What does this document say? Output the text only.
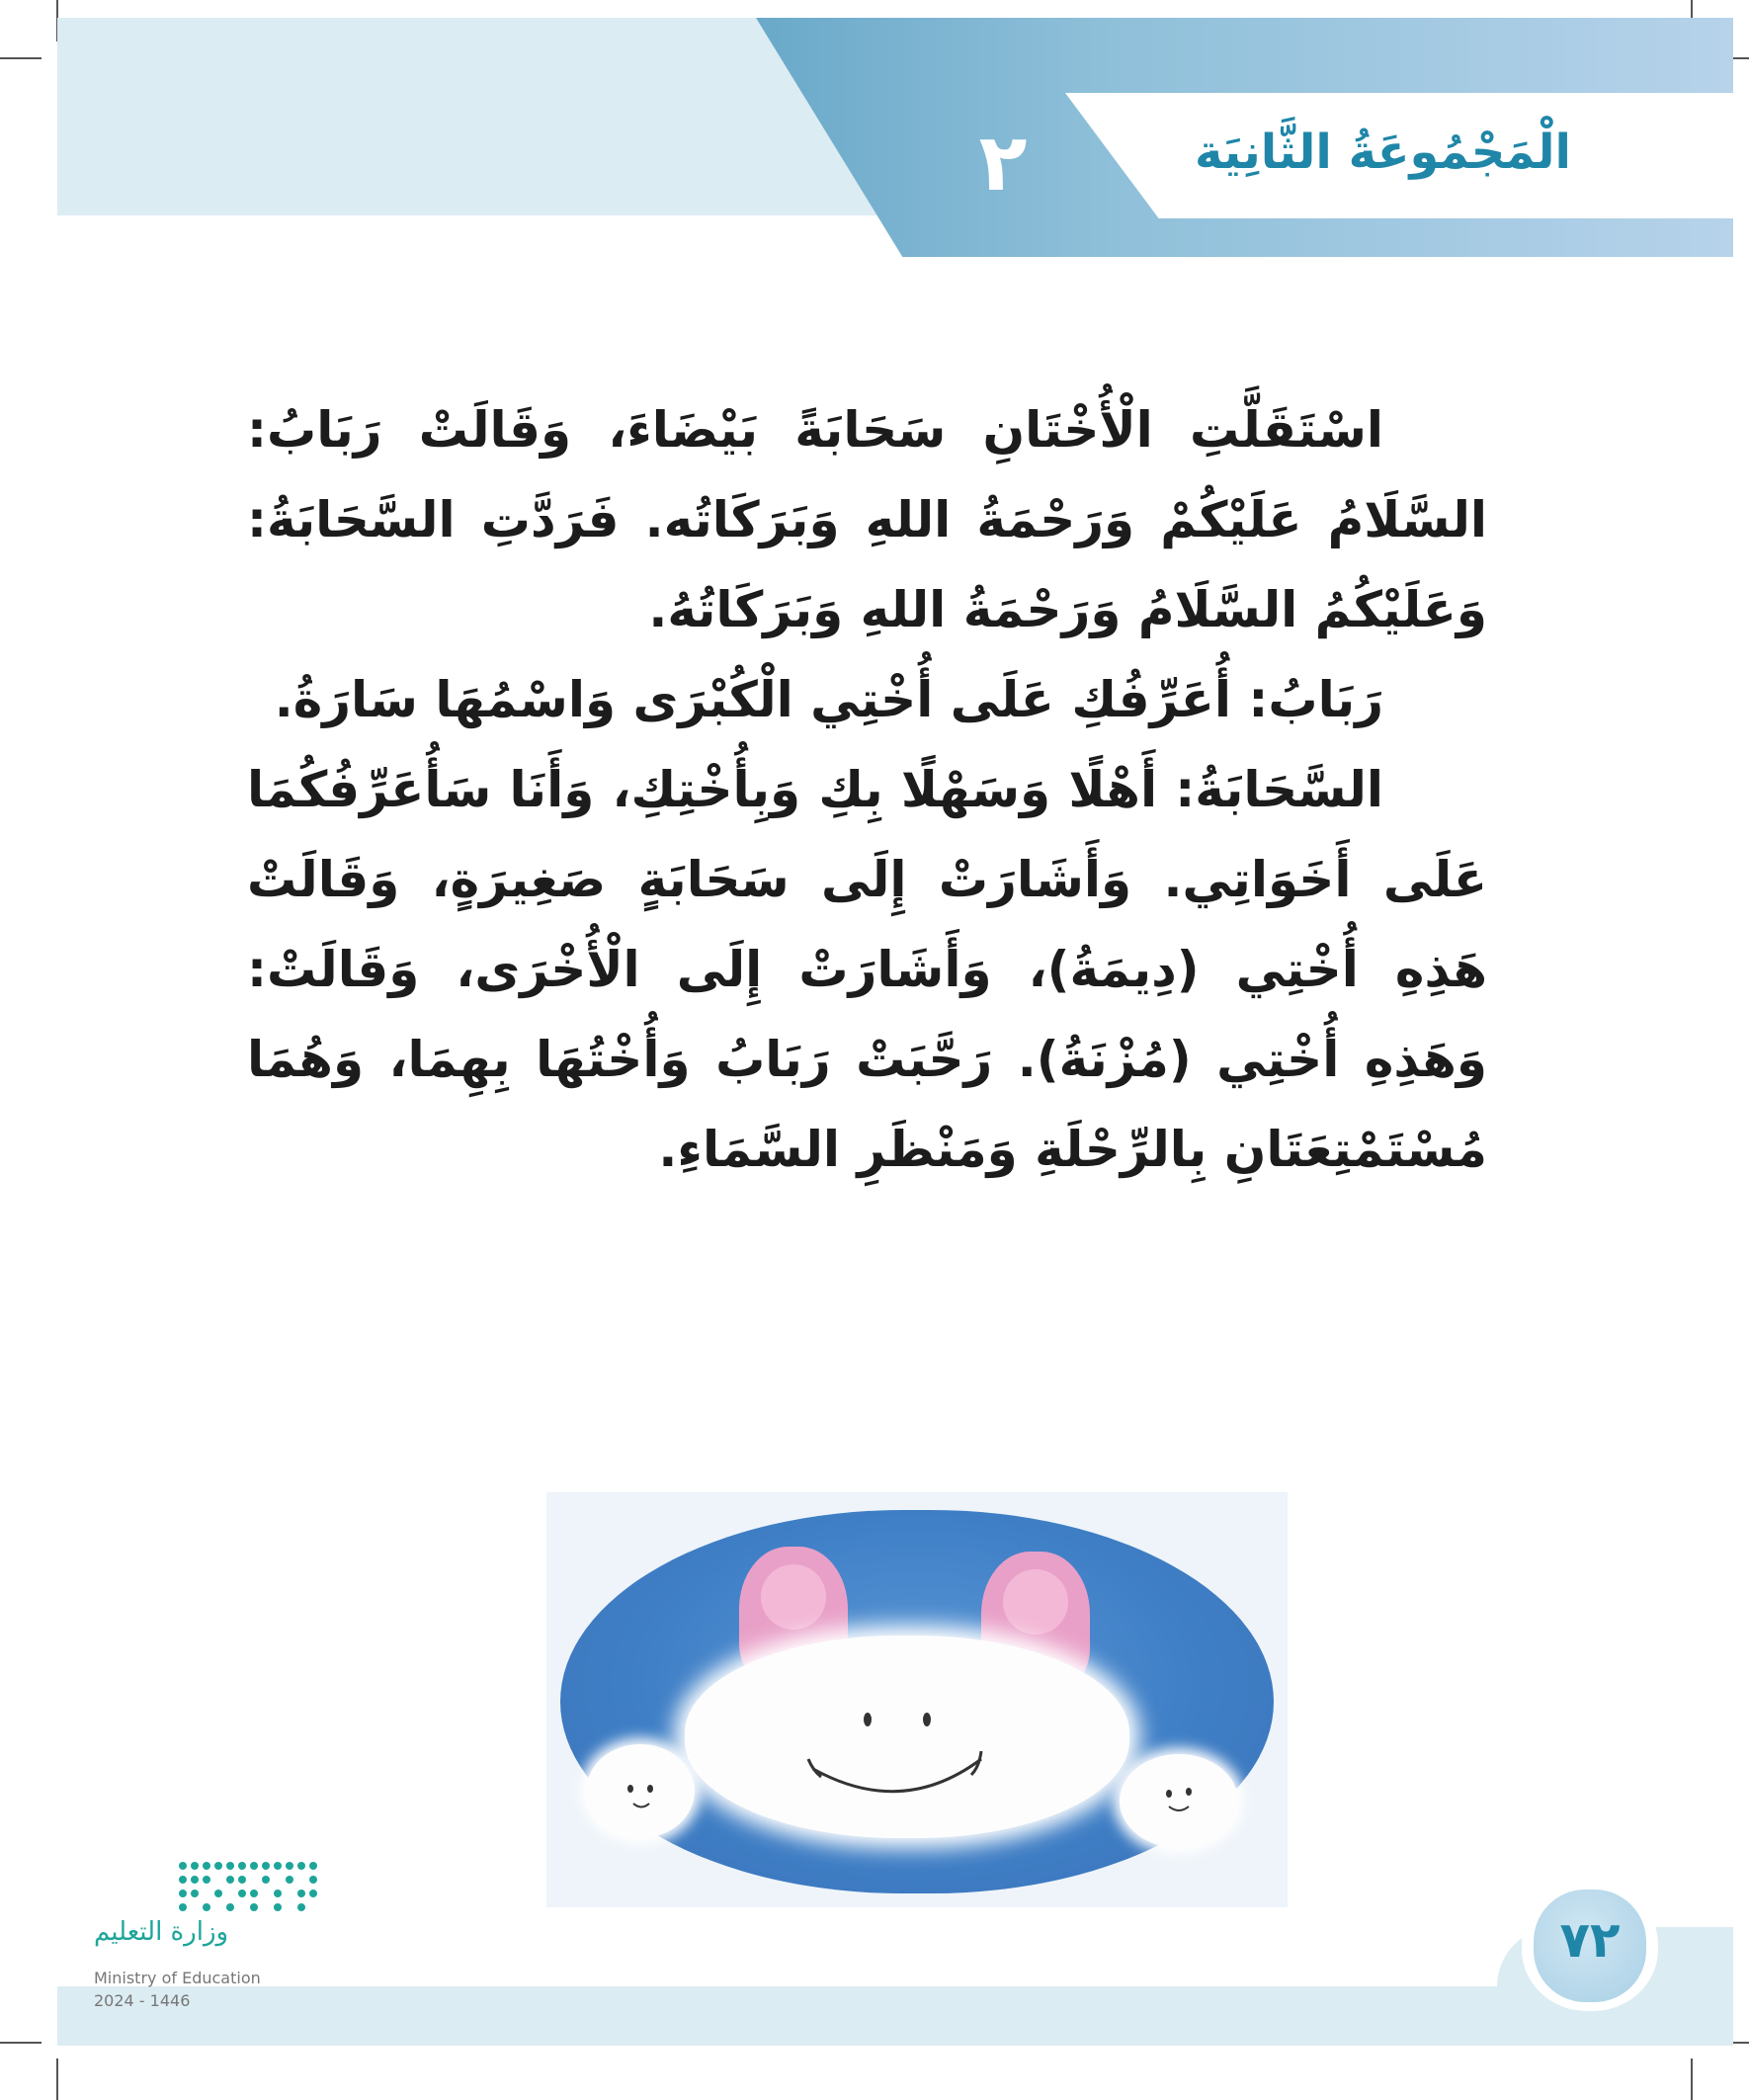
٢	الْمَجْمُوعَةُ الثَّانِيَة

اسْتَقَلَّتِ الْأُخْتَانِ سَحَابَةً بَيْضَاءَ، وَقَالَتْ رَبَابُ: السَّلَامُ عَلَيْكُمْ وَرَحْمَةُ اللهِ وَبَرَكَاتُه. فَرَدَّتِ السَّحَابَةُ: وَعَلَيْكُمُ السَّلَامُ وَرَحْمَةُ اللهِ وَبَرَكَاتُهُ.

رَبَابُ: أُعَرِّفُكِ عَلَى أُخْتِي الْكُبْرَى وَاسْمُهَا سَارَةُ.

السَّحَابَةُ: أَهْلًا وَسَهْلًا بِكِ وَبِأُخْتِكِ، وَأَنَا سَأُعَرِّفُكُمَا عَلَى أَخَوَاتِي. وَأَشَارَتْ إِلَى سَحَابَةٍ صَغِيرَةٍ، وَقَالَتْ هَذِهِ أُخْتِي (دِيمَةُ)، وَأَشَارَتْ إِلَى الْأُخْرَى، وَقَالَتْ: وَهَذِهِ أُخْتِي (مُزْنَةُ). رَحَّبَتْ رَبَابُ وَأُخْتُهَا بِهِمَا، وَهُمَا مُسْتَمْتِعَتَانِ بِالرِّحْلَةِ وَمَنْظَرِ السَّمَاءِ.

وزارة التعليم
Ministry of Education
2024 - 1446
٧٢
